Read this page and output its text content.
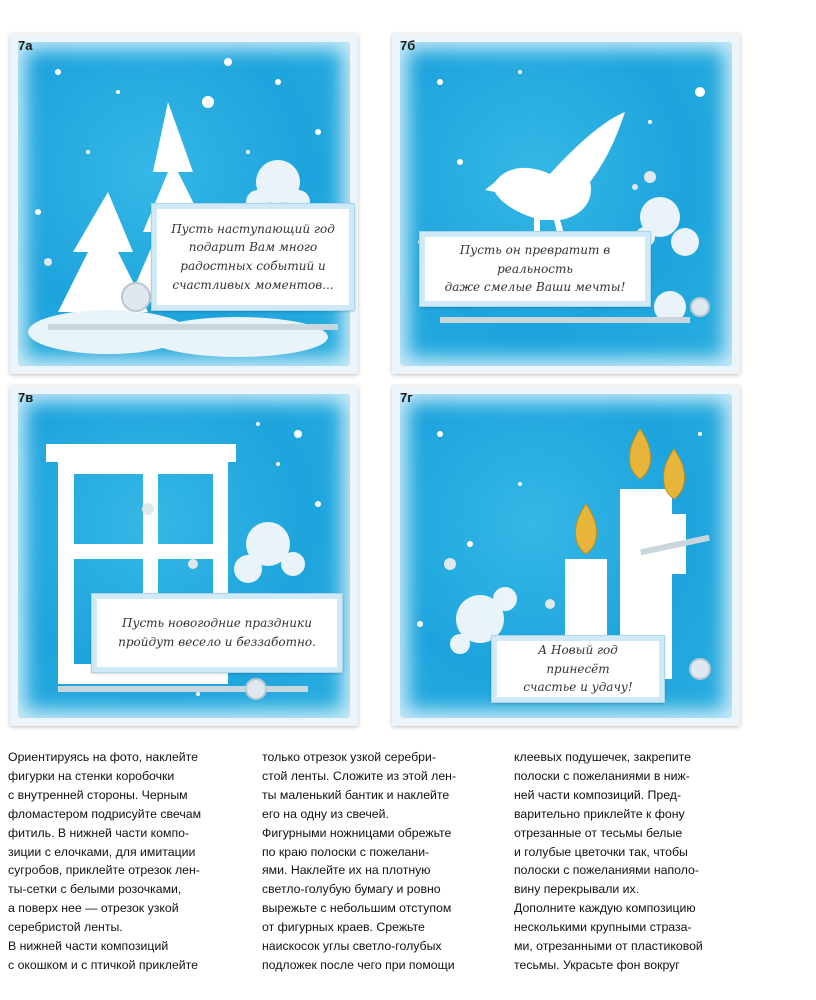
7а
Пусть наступающий год
подарит Вам много
радостных событий и
счастливых моментов...
7б
Пусть он превратит в реальность
даже смелые Ваши мечты!
7в
Пусть новогодние праздники
пройдут весело и беззаботно.
7г
А Новый год принесёт
счастье и удачу!
Ориентируясь на фото, наклейте
фигурки на стенки коробочки
с внутренней стороны. Черным
фломастером подрисуйте свечам
фитиль. В нижней части компо-
зиции с елочками, для имитации
сугробов, приклейте отрезок лен-
ты-сетки с белыми розочками,
а поверх нее — отрезок узкой
серебристой ленты.
В нижней части композиций
с окошком и с птичкой приклейте
только отрезок узкой серебри-
стой ленты. Сложите из этой лен-
ты маленький бантик и наклейте
его на одну из свечей.
Фигурными ножницами обрежьте
по краю полоски с пожелани-
ями. Наклейте их на плотную
светло-голубую бумагу и ровно
вырежьте с небольшим отступом
от фигурных краев. Срежьте
наискосок углы светло-голубых
подложек после чего при помощи
клеевых подушечек, закрепите
полоски с пожеланиями в ниж-
ней части композиций. Пред-
варительно приклейте к фону
отрезанные от тесьмы белые
и голубые цветочки так, чтобы
полоски с пожеланиями наполо-
вину перекрывали их.
Дополните каждую композицию
несколькими крупными страза-
ми, отрезанными от пластиковой
тесьмы. Украсьте фон вокруг
